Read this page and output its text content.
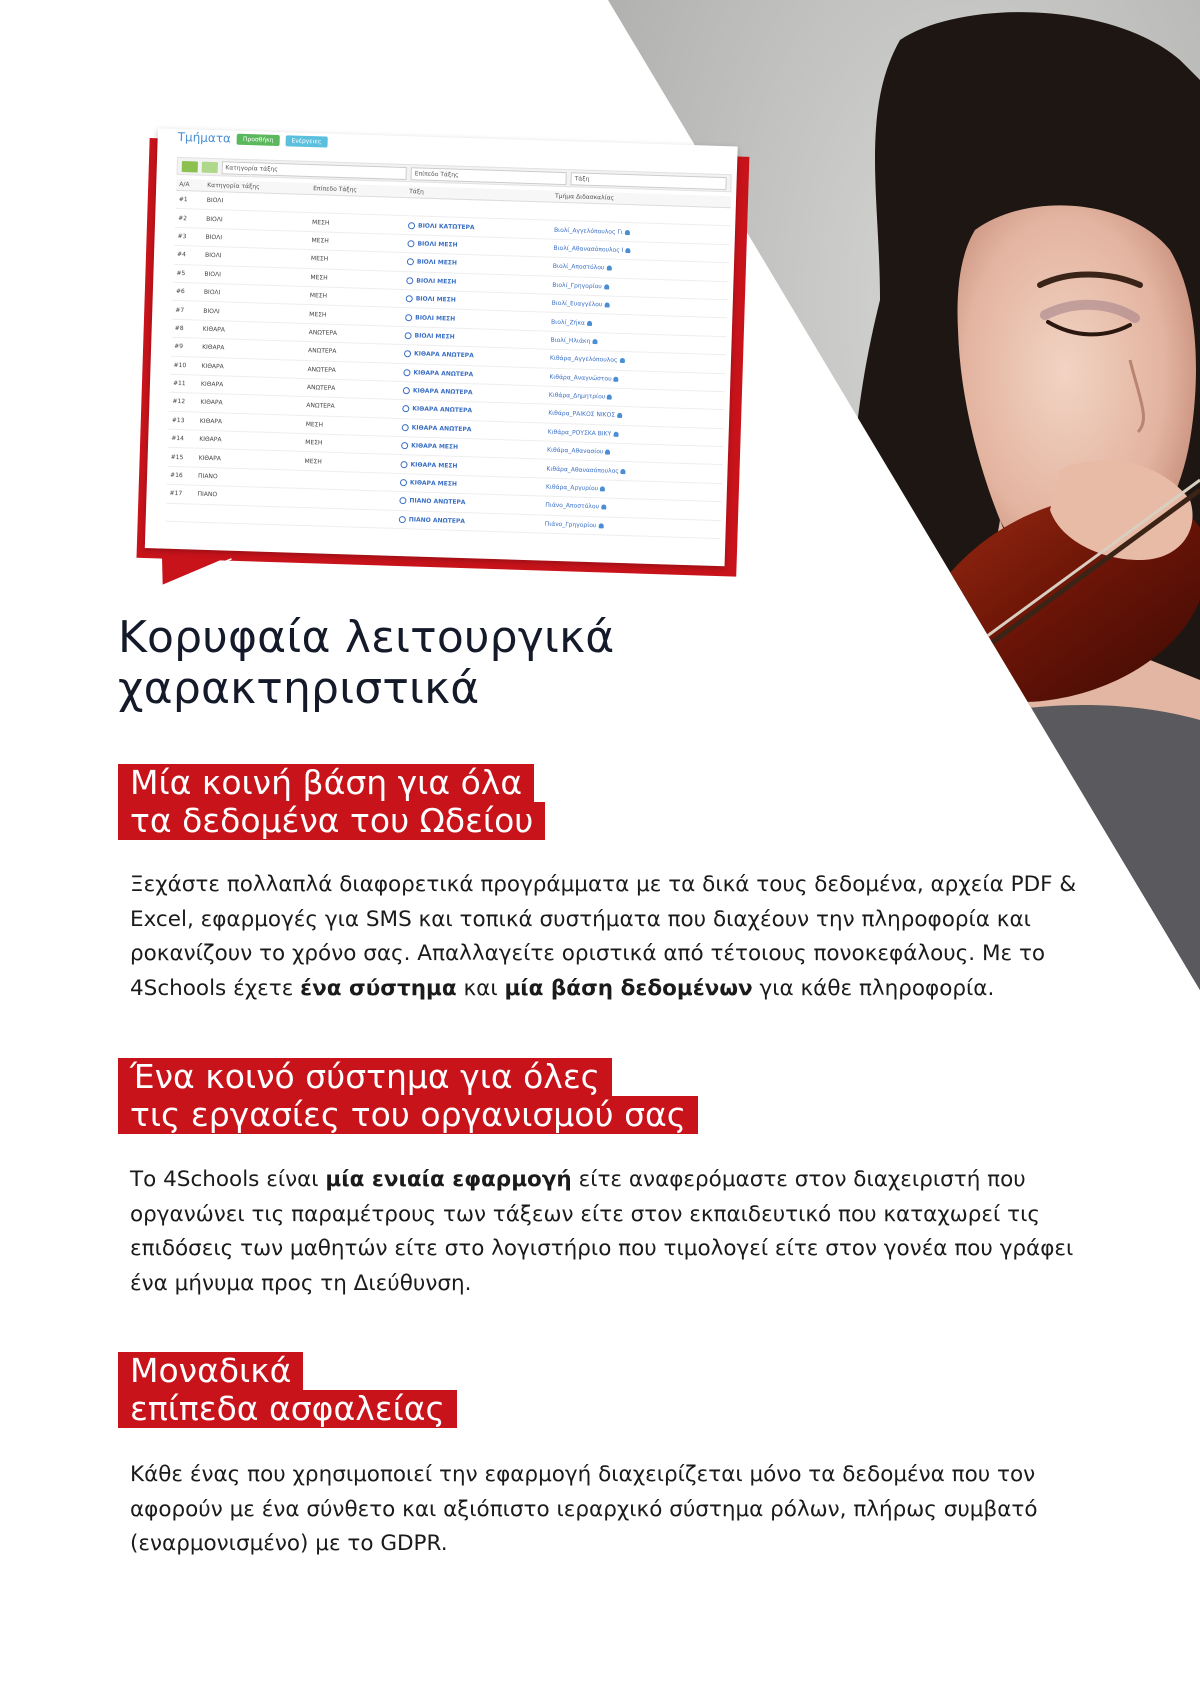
Τμήματα	Προσθήκη	Ενέργειες
Κατηγορία τάξης
Επίπεδο Τάξης
Τάξη
Α/Α	Κατηγορία τάξης	Επίπεδο Τάξης	Τάξη	Τμήμα Διδασκαλίας
#1	ΒΙΟΛΙ			
#2	ΒΙΟΛΙ	ΜΕΣΗ	ΒΙΟΛΙ ΚΑΤΩΤΕΡΑ	Βιολί_Αγγελόπουλος Γι
#3	ΒΙΟΛΙ	ΜΕΣΗ	ΒΙΟΛΙ ΜΕΣΗ	Βιολί_Αθανασόπουλος Ι
#4	ΒΙΟΛΙ	ΜΕΣΗ	ΒΙΟΛΙ ΜΕΣΗ	Βιολί_Αποστόλου
#5	ΒΙΟΛΙ	ΜΕΣΗ	ΒΙΟΛΙ ΜΕΣΗ	Βιολί_Γρηγορίου
#6	ΒΙΟΛΙ	ΜΕΣΗ	ΒΙΟΛΙ ΜΕΣΗ	Βιολί_Ευαγγέλου
#7	ΒΙΟΛΙ	ΜΕΣΗ	ΒΙΟΛΙ ΜΕΣΗ	Βιολί_Ζήκα
#8	ΚΙΘΑΡΑ	ΑΝΩΤΕΡΑ	ΒΙΟΛΙ ΜΕΣΗ	Βιολί_Ηλιάκη
#9	ΚΙΘΑΡΑ	ΑΝΩΤΕΡΑ	ΚΙΘΑΡΑ ΑΝΩΤΕΡΑ	Κιθάρα_Αγγελόπουλος
#10	ΚΙΘΑΡΑ	ΑΝΩΤΕΡΑ	ΚΙΘΑΡΑ ΑΝΩΤΕΡΑ	Κιθάρα_Αναγνώστου
#11	ΚΙΘΑΡΑ	ΑΝΩΤΕΡΑ	ΚΙΘΑΡΑ ΑΝΩΤΕΡΑ	Κιθάρα_Δημητρίου
#12	ΚΙΘΑΡΑ	ΑΝΩΤΕΡΑ	ΚΙΘΑΡΑ ΑΝΩΤΕΡΑ	Κιθάρα_ΡΑΙΚΟΣ ΝΙΚΟΣ
#13	ΚΙΘΑΡΑ	ΜΕΣΗ	ΚΙΘΑΡΑ ΑΝΩΤΕΡΑ	Κιθάρα_ΡΟΥΣΚΑ ΒΙΚΥ
#14	ΚΙΘΑΡΑ	ΜΕΣΗ	ΚΙΘΑΡΑ ΜΕΣΗ	Κιθάρα_Αθανασίου
#15	ΚΙΘΑΡΑ	ΜΕΣΗ	ΚΙΘΑΡΑ ΜΕΣΗ	Κιθάρα_Αθανασόπουλος
#16	ΠΙΑΝΟ		ΚΙΘΑΡΑ ΜΕΣΗ	Κιθάρα_Αργυρίου
#17	ΠΙΑΝΟ		ΠΙΑΝΟ ΑΝΩΤΕΡΑ	Πιάνο_Αποστόλου
			ΠΙΑΝΟ ΑΝΩΤΕΡΑ	Πιάνο_Γρηγορίου
Κορυφαία λειτουργικά
χαρακτηριστικά
Μία κοινή βάση για όλα
τα δεδομένα του Ωδείου

Ξεχάστε πολλαπλά διαφορετικά προγράμματα με τα δικά τους δεδομένα, αρχεία PDF & Excel, εφαρμογές για SMS και τοπικά συστήματα που διαχέουν την πληροφορία και ροκανίζουν το χρόνο σας. Απαλλαγείτε οριστικά από τέτοιους πονοκεφάλους. Με το 4Schools έχετε ένα σύστημα και μία βάση δεδομένων για κάθε πληροφορία.

Ένα κοινό σύστημα για όλες
τις εργασίες του οργανισμού σας

Το 4Schools είναι μία ενιαία εφαρμογή είτε αναφερόμαστε στον διαχειριστή που οργανώνει τις παραμέτρους των τάξεων είτε στον εκπαιδευτικό που καταχωρεί τις επιδόσεις των μαθητών είτε στο λογιστήριο που τιμολογεί είτε στον γονέα που γράφει ένα μήνυμα προς τη Διεύθυνση.

Μοναδικά
επίπεδα ασφαλείας

Κάθε ένας που χρησιμοποιεί την εφαρμογή διαχειρίζεται μόνο τα δεδομένα που τον αφορούν με ένα σύνθετο και αξιόπιστο ιεραρχικό σύστημα ρόλων, πλήρως συμβατό (εναρμονισμένο) με το GDPR.
